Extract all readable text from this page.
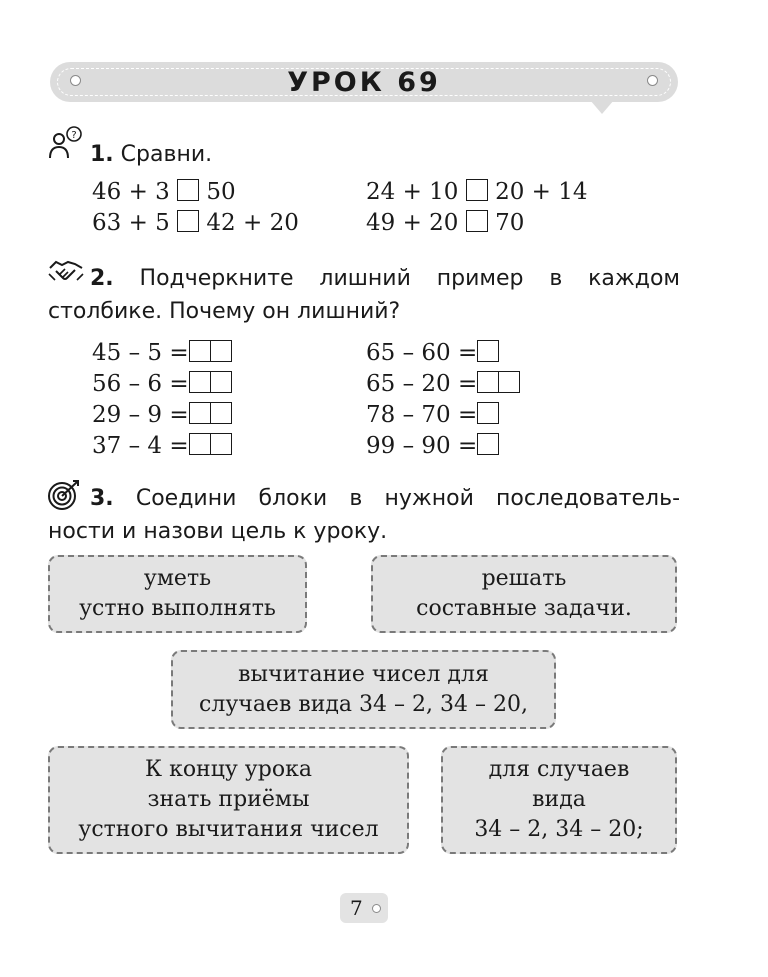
УРОК 69
?
1. Сравни.
46 + 3 50	24 + 10 20 + 14
63 + 5 42 + 20	49 + 20 70
2. Подчеркните лишний пример в каждом
столбике. Почему он лишний?
45 – 5 =
56 – 6 =
29 – 9 =
37 – 4 =
65 – 60 =
65 – 20 =
78 – 70 =
99 – 90 =
3. Соедини блоки в нужной последователь-
ности и назови цель к уроку.
уметь
устно выполнять
решать
составные задачи.
вычитание чисел для
случаев вида 34 – 2, 34 – 20,
К концу урока
знать приёмы
устного вычитания чисел
для случаев
вида
34 – 2, 34 – 20;
7
